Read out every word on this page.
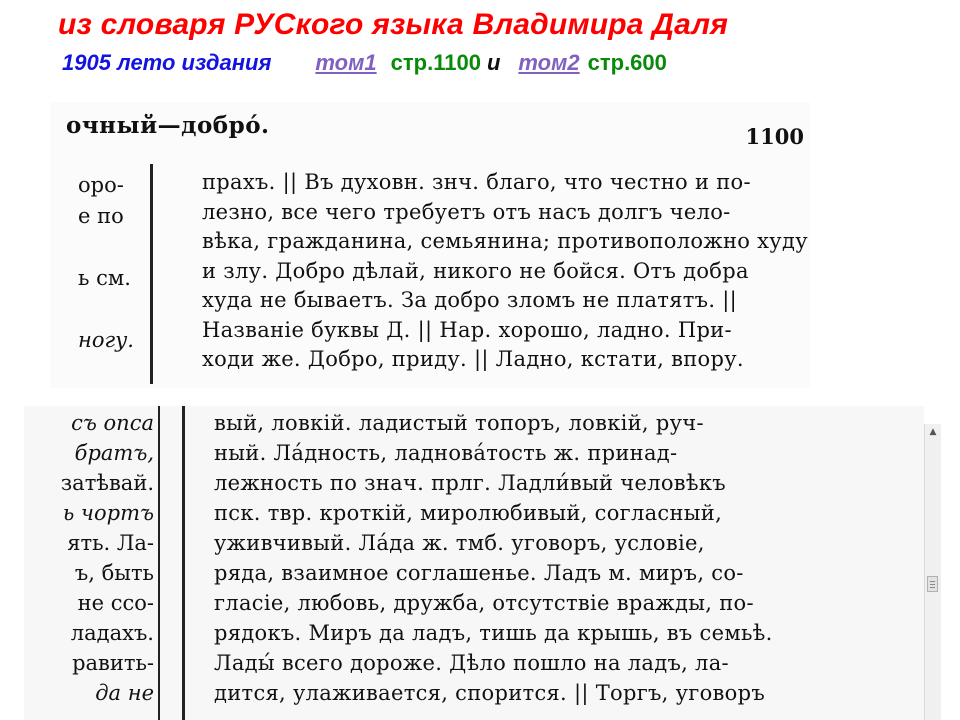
из словаря РУСкого языка Владимира Даля
1905 лето издания том1 стр.1100 и том2 стр.600
очный—добро́.	1100
оро-
е по
ь см.
ногу.
прахъ. || Въ духовн. знч. благо, что честно и по-
лезно, все чего требуетъ отъ насъ долгъ чело-
вѣка, гражданина, семьянина; противоположно худу
и злу. Добро дѣлай, никого не бойся. Отъ добра
худа не бываетъ. За добро зломъ не платятъ. ||
Названіе буквы Д. || Нар. хорошо, ладно. При-
ходи же. Добро, приду. || Ладно, кстати, впору.
съ опса
братъ,
затѣвай.
ь чортъ
ять. Ла-
ъ, быть
не ссо-
ладахъ.
равить-
да не
вый, ловкій. ладистый топоръ, ловкій, руч-
ный. Ла́дность, ладнова́тость ж. принад-
лежность по знач. прлг. Ладли́вый человѣкъ
пск. твр. кроткій, миролюбивый, согласный,
уживчивый. Ла́да ж. тмб. уговоръ, условіе,
ряда, взаимное соглашенье. Ладъ м. миръ, со-
гласіе, любовь, дружба, отсутствіе вражды, по-
рядокъ. Миръ да ладъ, тишь да крышь, въ семьѣ.
Лады́ всего дороже. Дѣло пошло на ладъ, ла-
дится, улаживается, спорится. || Торгъ, уговоръ
▲
